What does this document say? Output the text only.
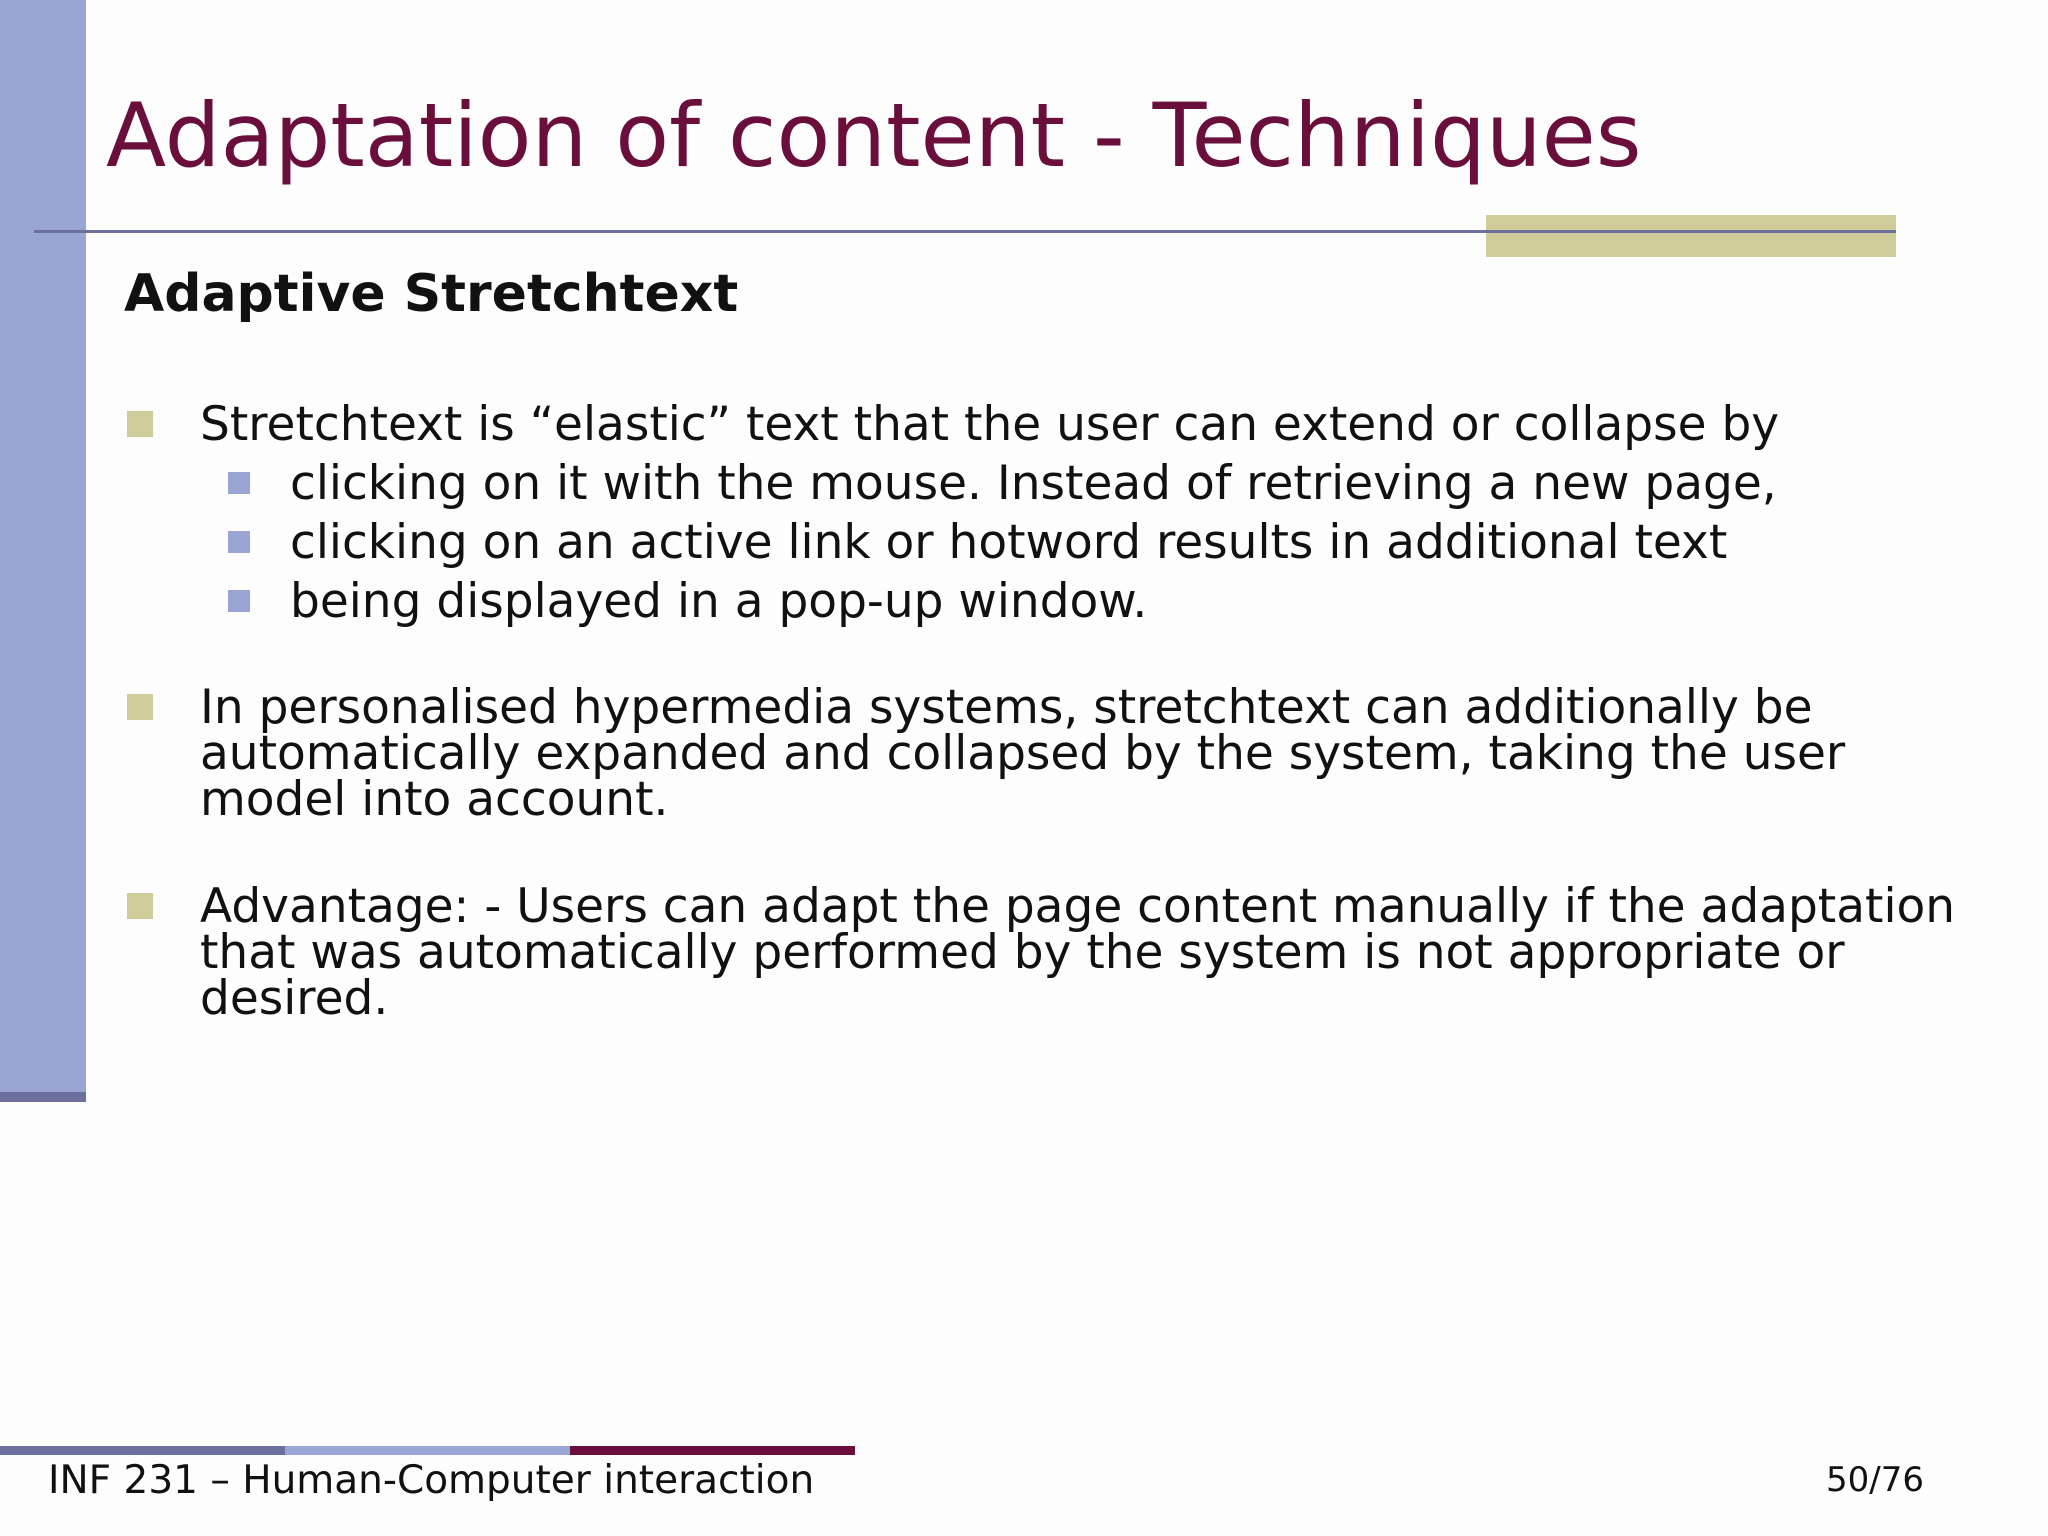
Adaptation of content - Techniques
Adaptive Stretchtext
Stretchtext is “elastic” text that the user can extend or collapse by
clicking on it with the mouse. Instead of retrieving a new page,
clicking on an active link or hotword results in additional text
being displayed in a pop-up window.
In personalised hypermedia systems, stretchtext can additionally be
automatically expanded and collapsed by the system, taking the user
model into account.
Advantage: - Users can adapt the page content manually if the adaptation
that was automatically performed by the system is not appropriate or
desired.
INF 231 – Human-Computer interaction	50/76
